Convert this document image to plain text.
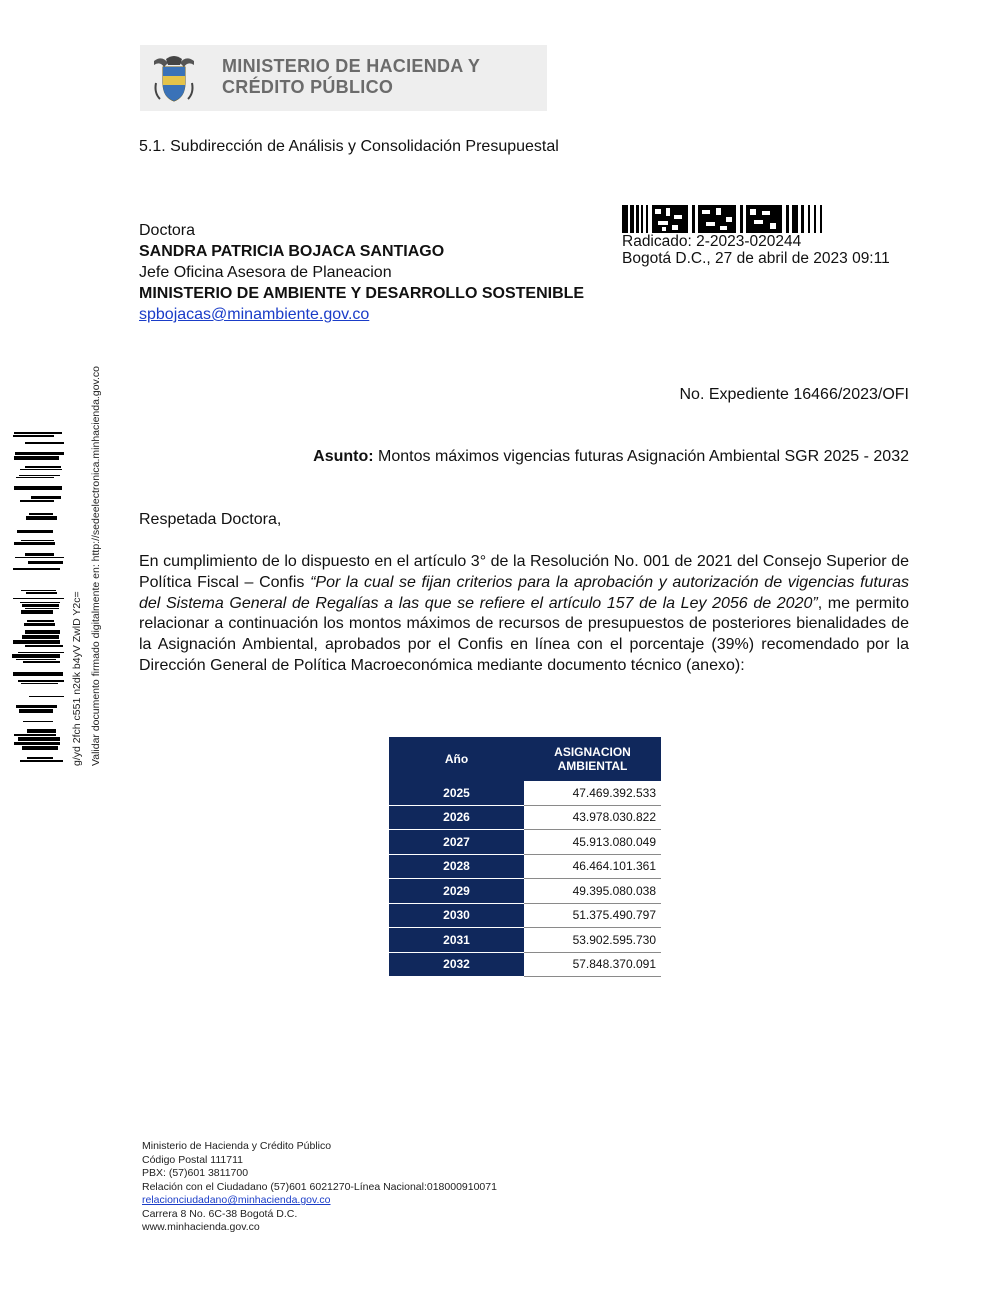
MINISTERIO DE HACIENDA Y
CRÉDITO PÚBLICO
5.1. Subdirección de Análisis y Consolidación Presupuestal
Radicado: 2-2023-020244
Bogotá D.C., 27 de abril de 2023 09:11
Doctora
SANDRA PATRICIA BOJACA SANTIAGO
Jefe Oficina Asesora de Planeacion
MINISTERIO DE AMBIENTE Y DESARROLLO SOSTENIBLE
spbojacas@minambiente.gov.co
No. Expediente 16466/2023/OFI
Asunto: Montos máximos vigencias futuras Asignación Ambiental SGR 2025 - 2032
Respetada Doctora,
En cumplimiento de lo dispuesto en el artículo 3° de la Resolución No. 001 de 2021 del Consejo Superior de Política Fiscal – Confis “Por la cual se fijan criterios para la aprobación y autorización de vigencias futuras del Sistema General de Regalías a las que se refiere el artículo 157 de la Ley 2056 de 2020”, me permito relacionar a continuación los montos máximos de recursos de presupuestos de posteriores bienalidades de la Asignación Ambiental, aprobados por el Confis en línea con el porcentaje (39%) recomendado por la Dirección General de Política Macroeconómica mediante documento técnico (anexo):
Validar documento firmado digitalmente en: http://sedeelectronica.minhacienda.gov.co
g/yd 2fch c551 n2dk b4yV ZwlD Y2c=	Año	ASIGNACION
AMBIENTAL

2025	47.469.392.533
2026	43.978.030.822
2027	45.913.080.049
2028	46.464.101.361
2029	49.395.080.038
2030	51.375.490.797
2031	53.902.595.730
2032	57.848.370.091
Ministerio de Hacienda y Crédito Público
Código Postal 111711
PBX: (57)601 3811700
Relación con el Ciudadano (57)601 6021270-Línea Nacional:018000910071
relacionciudadano@minhacienda.gov.co
Carrera 8 No. 6C-38 Bogotá D.C.
www.minhacienda.gov.co
